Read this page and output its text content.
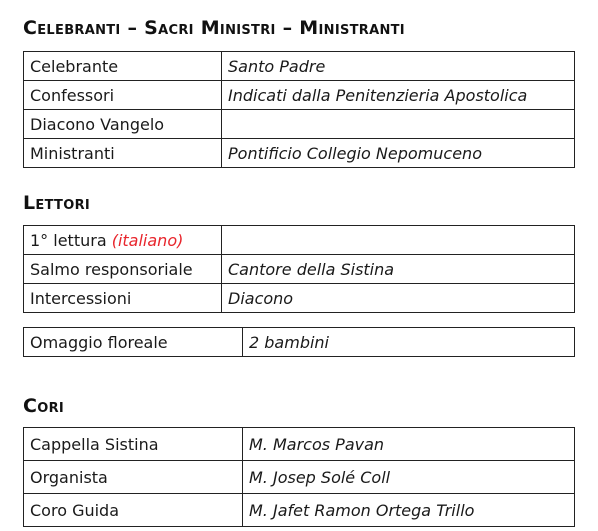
Celebranti – Sacri Ministri – Ministranti
Celebrante	Santo Padre
Confessori	Indicati dalla Penitenzieria Apostolica
Diacono Vangelo	
Ministranti	Pontificio Collegio Nepomuceno
Lettori
1° lettura (italiano)	
Salmo responsoriale	Cantore della Sistina
Intercessioni	Diacono
Omaggio floreale	2 bambini
Cori
Cappella Sistina	M. Marcos Pavan
Organista	M. Josep Solé Coll
Coro Guida	M. Jafet Ramon Ortega Trillo
